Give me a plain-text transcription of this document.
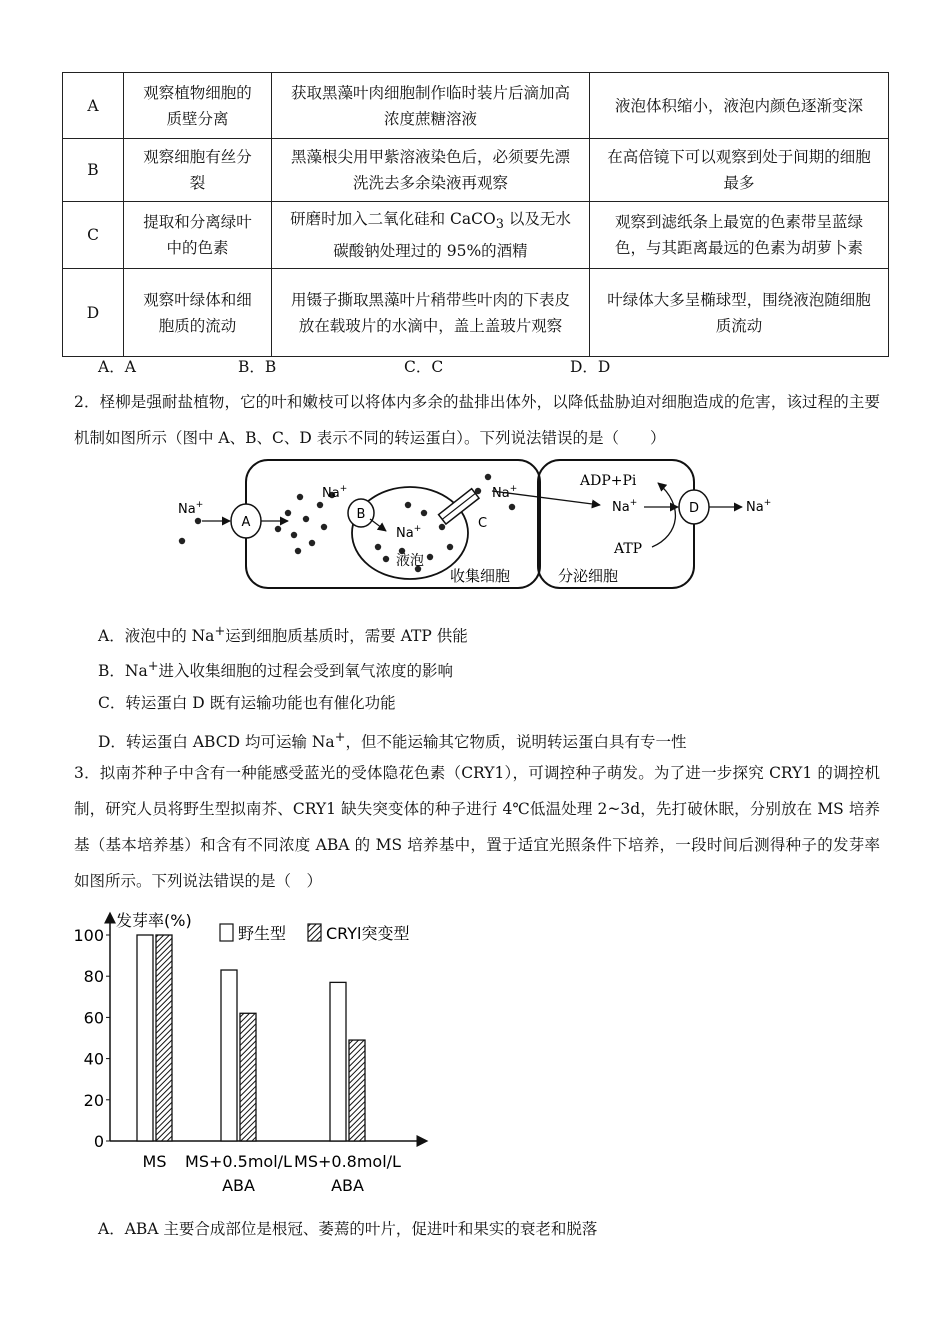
A	观察植物细胞的质壁分离	获取黑藻叶肉细胞制作临时装片后滴加高浓度蔗糖溶液	液泡体积缩小，液泡内颜色逐渐变深
B	观察细胞有丝分裂	黑藻根尖用甲紫溶液染色后，必须要先漂洗洗去多余染液再观察	在高倍镜下可以观察到处于间期的细胞最多
C	提取和分离绿叶中的色素	研磨时加入二氧化硅和 CaCO$_3$ 以及无水碳酸钠处理过的 95%的酒精	观察到滤纸条上最宽的色素带呈蓝绿色，与其距离最远的色素为胡萝卜素
D	观察叶绿体和细胞质的流动	用镊子撕取黑藻叶片稍带些叶肉的下表皮放在载玻片的水滴中，盖上盖玻片观察	叶绿体大多呈椭球型，围绕液泡随细胞质流动
A．A	B．B	C．C	D．D
2．柽柳是强耐盐植物，它的叶和嫩枝可以将体内多余的盐排出体外，以降低盐胁迫对细胞造成的危害，该过程的主要机制如图所示（图中 A、B、C、D 表示不同的转运蛋白）。下列说法错误的是（　　）
Na+
A
Na+
B
Na+
液泡
C
Na+	ADP+Pi
Na+
ATP
D	Na+
收集细胞	分泌细胞
A．液泡中的 Na+运到细胞质基质时，需要 ATP 供能
B．Na+进入收集细胞的过程会受到氧气浓度的影响
C．转运蛋白 D 既有运输功能也有催化功能
D．转运蛋白 ABCD 均可运输 Na+，但不能运输其它物质，说明转运蛋白具有专一性
3．拟南芥种子中含有一种能感受蓝光的受体隐花色素（CRY1），可调控种子萌发。为了进一步探究 CRY1 的调控机制，研究人员将野生型拟南芥、CRY1 缺失突变体的种子进行 4℃低温处理 2~3d，先打破休眠，分别放在 MS 培养基（基本培养基）和含有不同浓度 ABA 的 MS 培养基中，置于适宜光照条件下培养，一段时间后测得种子的发芽率如图所示。下列说法错误的是（　）
发芽率(%)
0
20
40
60
80
100	野生型 CRYl突变型
MS MS+0.5mol/L
ABA
MS+0.8mol/L
ABA
A．ABA 主要合成部位是根冠、萎蔫的叶片，促进叶和果实的衰老和脱落
